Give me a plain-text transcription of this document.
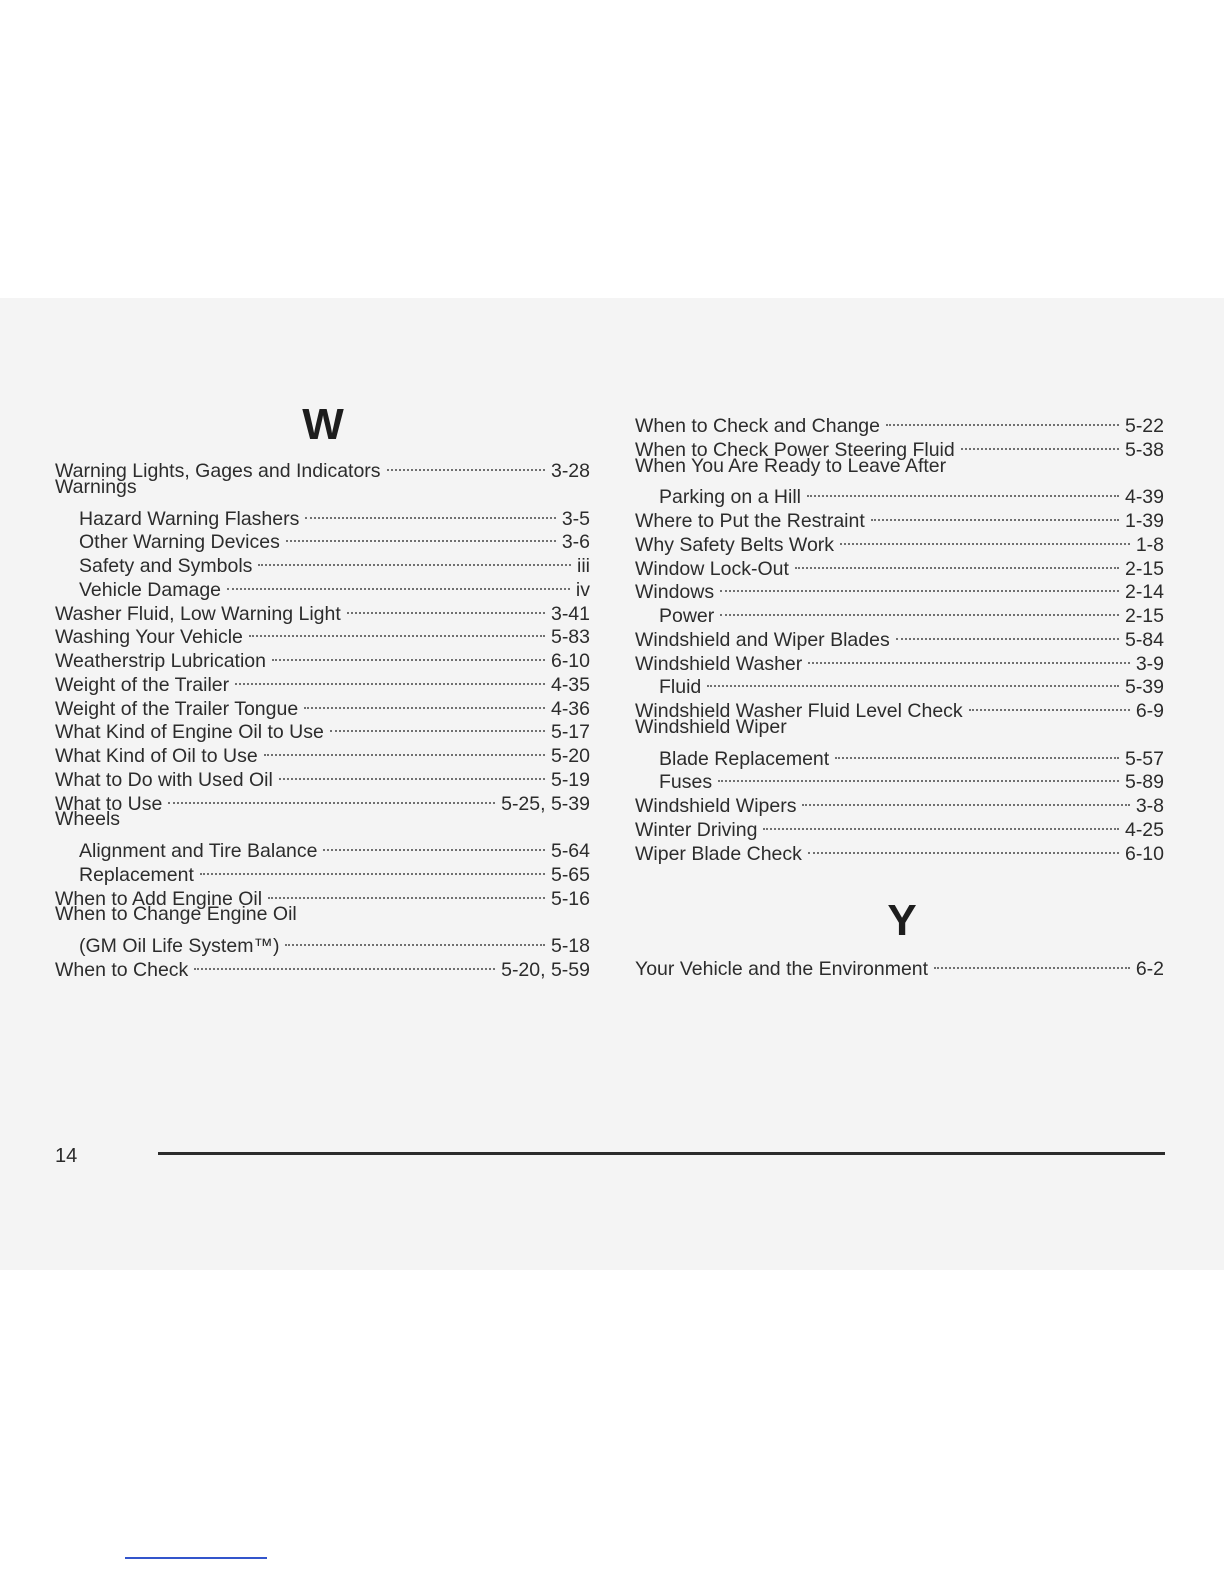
W
Y
Warning Lights, Gages and Indicators	3-28
Warnings
Hazard Warning Flashers	3-5
Other Warning Devices	3-6
Safety and Symbols	iii
Vehicle Damage	iv
Washer Fluid, Low Warning Light	3-41
Washing Your Vehicle	5-83
Weatherstrip Lubrication	6-10
Weight of the Trailer	4-35
Weight of the Trailer Tongue	4-36
What Kind of Engine Oil to Use	5-17
What Kind of Oil to Use	5-20
What to Do with Used Oil	5-19
What to Use	5-25, 5-39
Wheels
Alignment and Tire Balance	5-64
Replacement	5-65
When to Add Engine Oil	5-16
When to Change Engine Oil
(GM Oil Life System™)	5-18
When to Check	5-20, 5-59
When to Check and Change	5-22
When to Check Power Steering Fluid	5-38
When You Are Ready to Leave After
Parking on a Hill	4-39
Where to Put the Restraint	1-39
Why Safety Belts Work	1-8
Window Lock-Out	2-15
Windows	2-14
Power	2-15
Windshield and Wiper Blades	5-84
Windshield Washer	3-9
Fluid	5-39
Windshield Washer Fluid Level Check	6-9
Windshield Wiper
Blade Replacement	5-57
Fuses	5-89
Windshield Wipers	3-8
Winter Driving	4-25
Wiper Blade Check	6-10
Your Vehicle and the Environment	6-2
14
